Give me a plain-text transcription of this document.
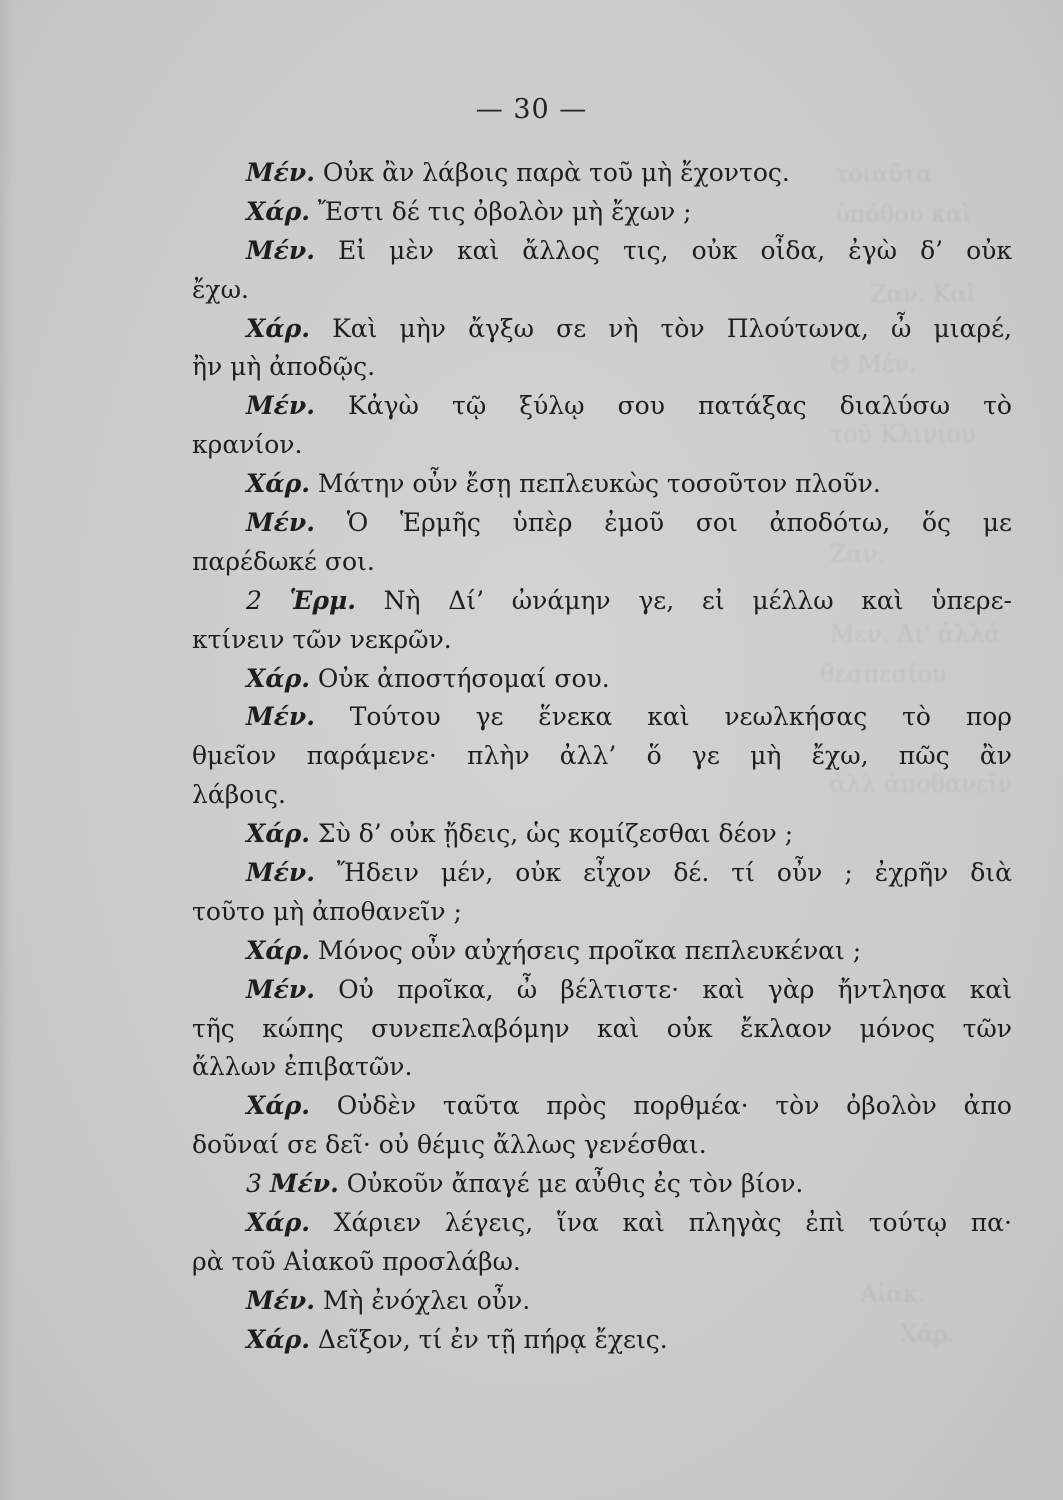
τοιαῦτα
ὑπόθου καὶ
Ζαν. Καὶ
Θ Μέν.
τοῦ Κλινίου
Ζαν.
Μεν. Δι' ἀλλά
θεσπεσίου
ἀλλ ἀποθανεῖν
Αἰακ.
Χάρ.
— 30 —
Μέν. Οὐκ ἂν λάβοις παρὰ τοῦ μὴ ἔχοντος.
Χάρ. Ἔστι δέ τις ὀβολὸν μὴ ἔχων ;
Μέν. Εἰ μὲν καὶ ἄλλος τις, οὐκ οἶδα, ἐγὼ δ’ οὐκ
ἔχω.
Χάρ. Καὶ μὴν ἄγξω σε νὴ τὸν Πλούτωνα, ὦ μιαρέ,
ἢν μὴ ἀποδῷς.
Μέν. Κἀγὼ τῷ ξύλῳ σου πατάξας διαλύσω τὸ
κρανίον.
Χάρ. Μάτην οὖν ἔσῃ πεπλευκὼς τοσοῦτον πλοῦν.
Μέν. Ὁ Ἑρμῆς ὑπὲρ ἐμοῦ σοι ἀποδότω, ὅς με
παρέδωκέ σοι.
2 Ἑρμ. Νὴ Δί’ ὠνάμην γε, εἰ μέλλω καὶ ὑπερε-
κτίνειν τῶν νεκρῶν.
Χάρ. Οὐκ ἀποστήσομαί σου.
Μέν. Τούτου γε ἕνεκα καὶ νεωλκήσας τὸ πορ
θμεῖον παράμενε· πλὴν ἀλλ’ ὅ γε μὴ ἔχω, πῶς ἂν
λάβοις.
Χάρ. Σὺ δ’ οὐκ ᾔδεις, ὡς κομίζεσθαι δέον ;
Μέν. Ἤδειν μέν, οὐκ εἶχον δέ. τί οὖν ; ἐχρῆν διὰ
τοῦτο μὴ ἀποθανεῖν ;
Χάρ. Μόνος οὖν αὐχήσεις προῖκα πεπλευκέναι ;
Μέν. Οὐ προῖκα, ὦ βέλτιστε· καὶ γὰρ ἤντλησα καὶ
τῆς κώπης συνεπελαβόμην καὶ οὐκ ἔκλαον μόνος τῶν
ἄλλων ἐπιβατῶν.
Χάρ. Οὐδὲν ταῦτα πρὸς πορθμέα· τὸν ὀβολὸν ἀπο
δοῦναί σε δεῖ· οὐ θέμις ἄλλως γενέσθαι.
3 Μέν. Οὐκοῦν ἄπαγέ με αὖθις ἐς τὸν βίον.
Χάρ. Χάριεν λέγεις, ἵνα καὶ πληγὰς ἐπὶ τούτῳ πα·
ρὰ τοῦ Αἰακοῦ προσλάβω.
Μέν. Μὴ ἐνόχλει οὖν.
Χάρ. Δεῖξον, τί ἐν τῇ πήρᾳ ἔχεις.
